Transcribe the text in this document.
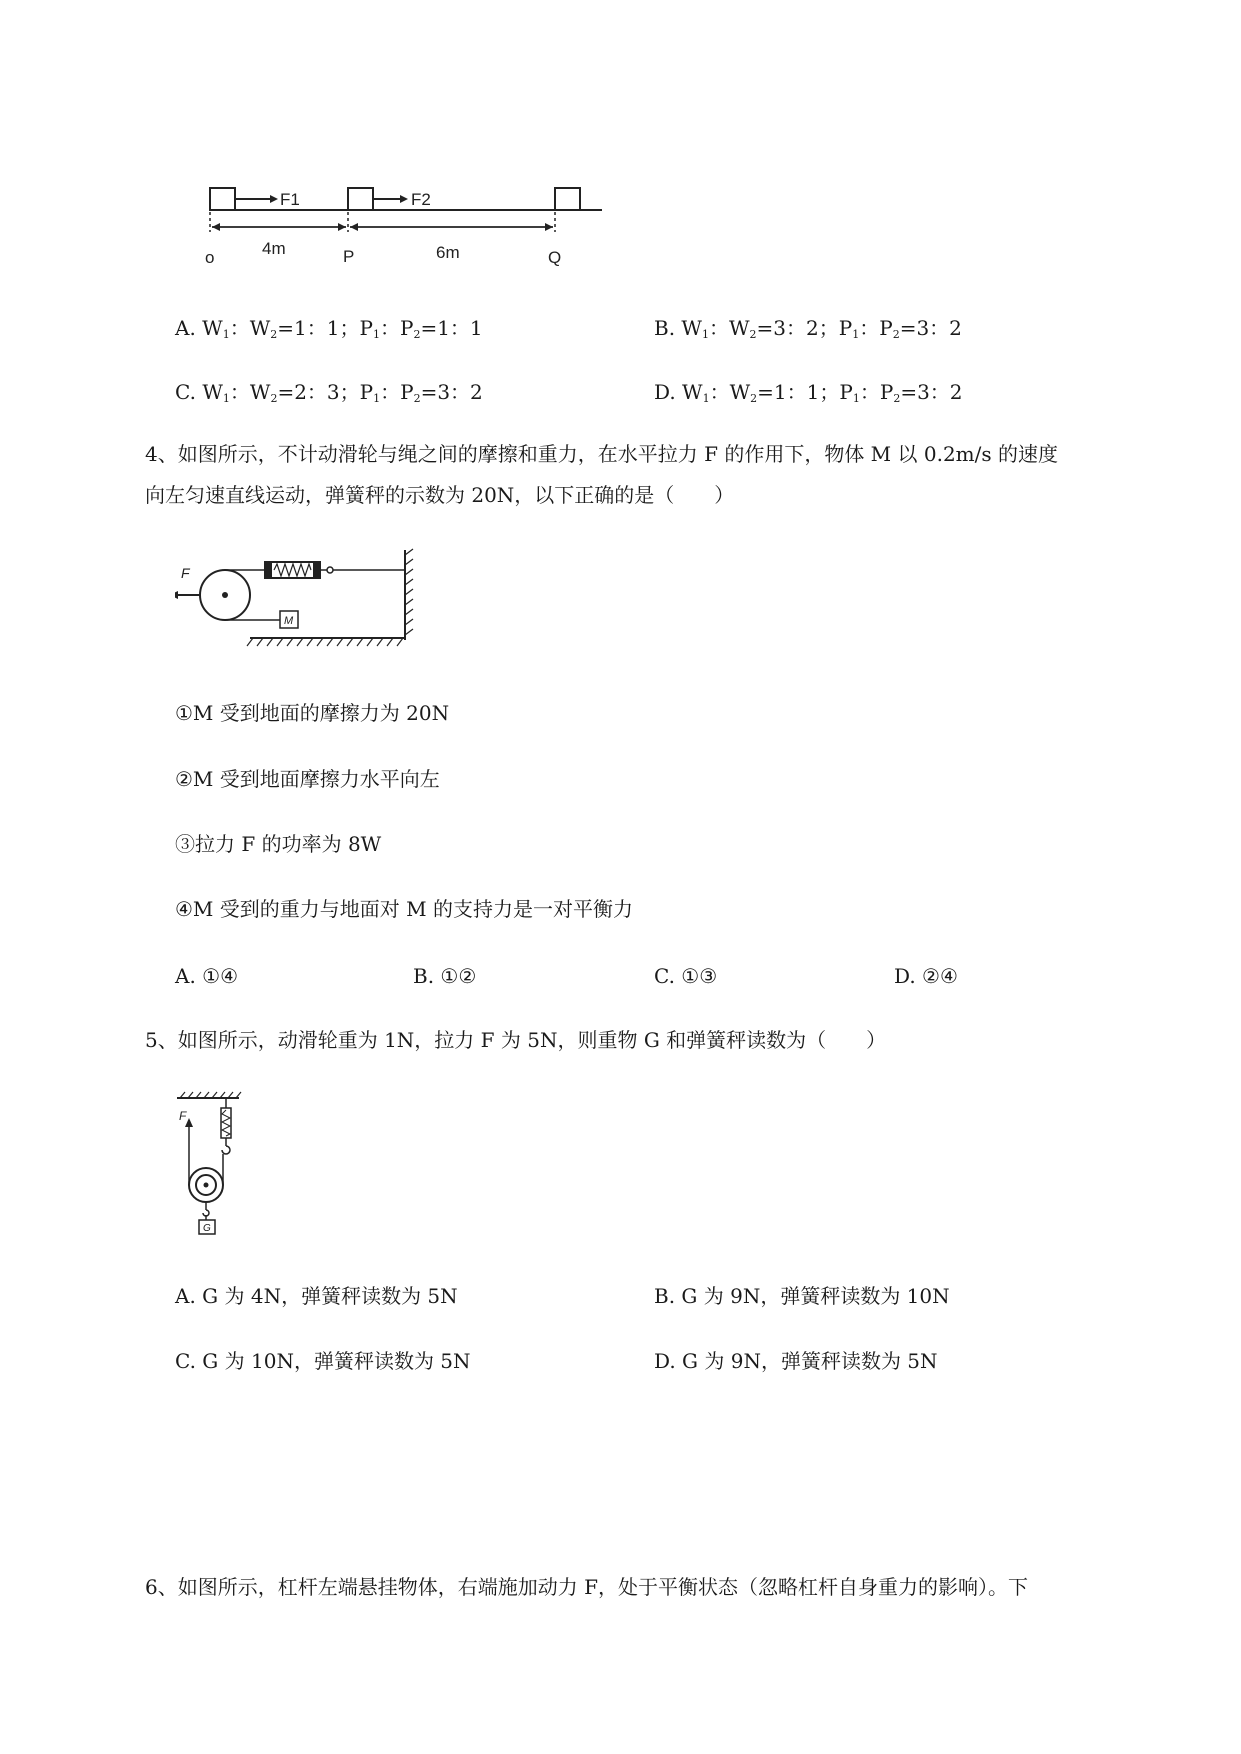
F1	F2
4m	6m
o	P	Q
A. $W_1$：$W_2=1$：1；$P_1$：$P_2=1$：1	B. $W_1$：$W_2=3$：2；$P_1$：$P_2=3$：2
C. $W_1$：$W_2=2$：3；$P_1$：$P_2=3$：2	D. $W_1$：$W_2=1$：1；$P_1$：$P_2=3$：2
4、如图所示，不计动滑轮与绳之间的摩擦和重力，在水平拉力 F 的作用下，物体 M 以 0.2m/s 的速度
向左匀速直线运动，弹簧秤的示数为 20N，以下正确的是（　　）
M
F
①M 受到地面的摩擦力为 20N
②M 受到地面摩擦力水平向左
③拉力 F 的功率为 8W
④M 受到的重力与地面对 M 的支持力是一对平衡力
A. ①④	B. ①②	C. ①③	D. ②④
5、如图所示，动滑轮重为 1N，拉力 F 为 5N，则重物 G 和弹簧秤读数为（　　）
F
G
A. G 为 4N，弹簧秤读数为 5N	B. G 为 9N，弹簧秤读数为 10N
C. G 为 10N，弹簧秤读数为 5N	D. G 为 9N，弹簧秤读数为 5N
6、如图所示，杠杆左端悬挂物体，右端施加动力 F，处于平衡状态（忽略杠杆自身重力的影响）。下
